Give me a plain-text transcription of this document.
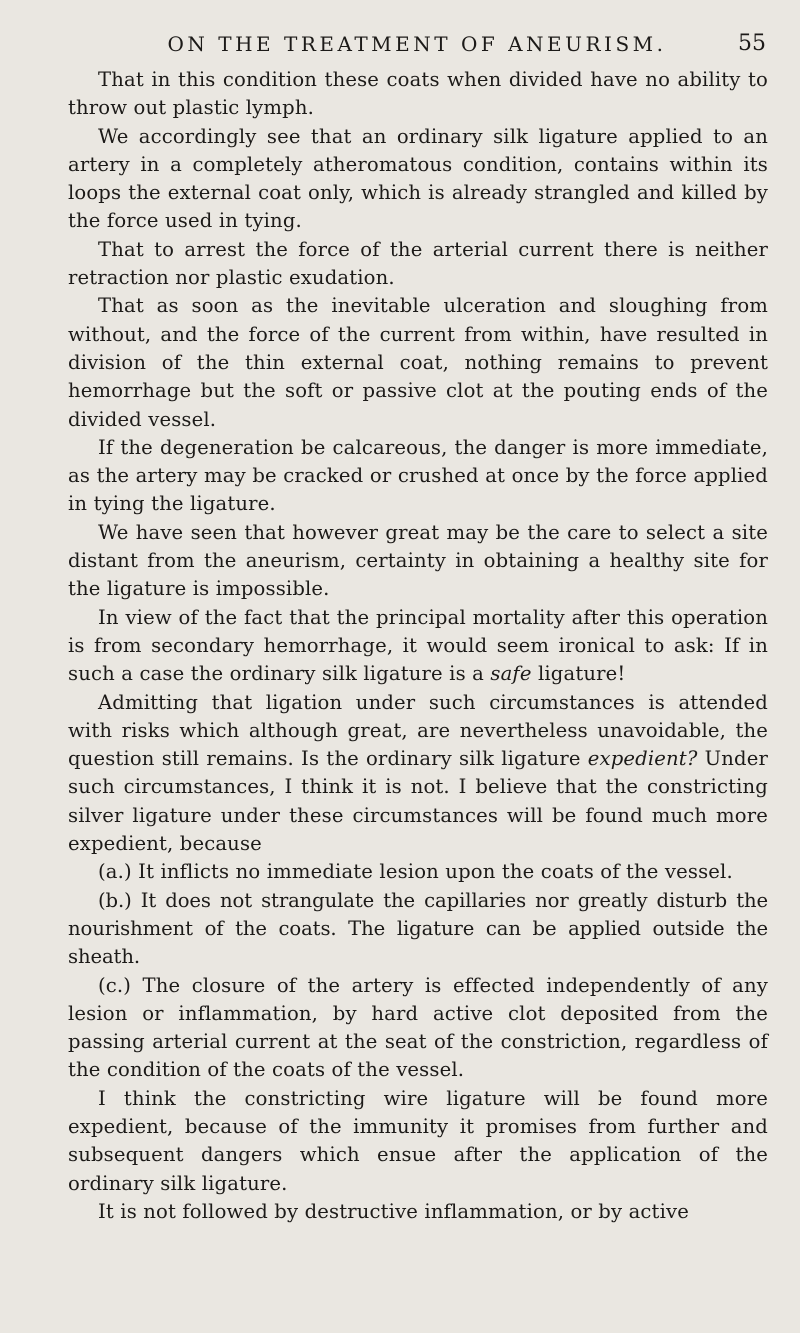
ON THE TREATMENT OF ANEURISM.	55

That in this condition these coats when divided have no ability to throw out plastic lymph.

We accordingly see that an ordinary silk ligature applied to an artery in a completely atheromatous condition, contains within its loops the external coat only, which is already strangled and killed by the force used in tying.

That to arrest the force of the arterial current there is neither retraction nor plastic exudation.

That as soon as the inevitable ulceration and sloughing from without, and the force of the current from within, have resulted in division of the thin external coat, nothing remains to prevent hemorrhage but the soft or passive clot at the pouting ends of the divided vessel.

If the degeneration be calcareous, the danger is more immediate, as the artery may be cracked or crushed at once by the force applied in tying the ligature.

We have seen that however great may be the care to select a site distant from the aneurism, certainty in obtaining a healthy site for the ligature is impossible.

In view of the fact that the principal mortality after this operation is from secondary hemorrhage, it would seem ironical to ask: If in such a case the ordinary silk ligature is a safe ligature!

Admitting that ligation under such circumstances is attended with risks which although great, are nevertheless unavoidable, the question still remains. Is the ordinary silk ligature expedient? Under such circumstances, I think it is not. I believe that the constricting silver ligature under these circumstances will be found much more expedient, because

(a.) It inflicts no immediate lesion upon the coats of the vessel.

(b.) It does not strangulate the capillaries nor greatly disturb the nourishment of the coats. The ligature can be applied outside the sheath.

(c.) The closure of the artery is effected independently of any lesion or inflammation, by hard active clot deposited from the passing arterial current at the seat of the constriction, regardless of the condition of the coats of the vessel.

I think the constricting wire ligature will be found more expedient, because of the immunity it promises from further and subsequent dangers which ensue after the application of the ordinary silk ligature.

It is not followed by destructive inflammation, or by active
